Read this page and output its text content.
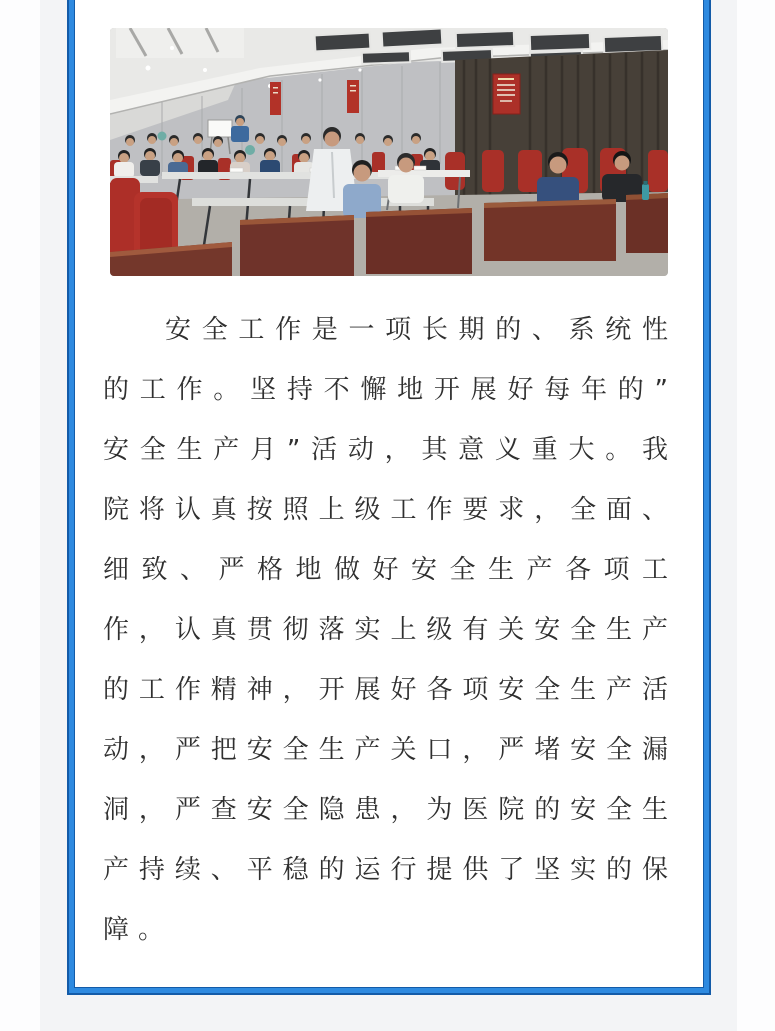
安全工作是一项长期的、系统性
的工作。坚持不懈地开展好每年的”
安全生产月”活动，其意义重大。我
院将认真按照上级工作要求，全面、
细致、严格地做好安全生产各项工
作，认真贯彻落实上级有关安全生产
的工作精神，开展好各项安全生产活
动，严把安全生产关口，严堵安全漏
洞，严查安全隐患，为医院的安全生
产持续、平稳的运行提供了坚实的保
障。
